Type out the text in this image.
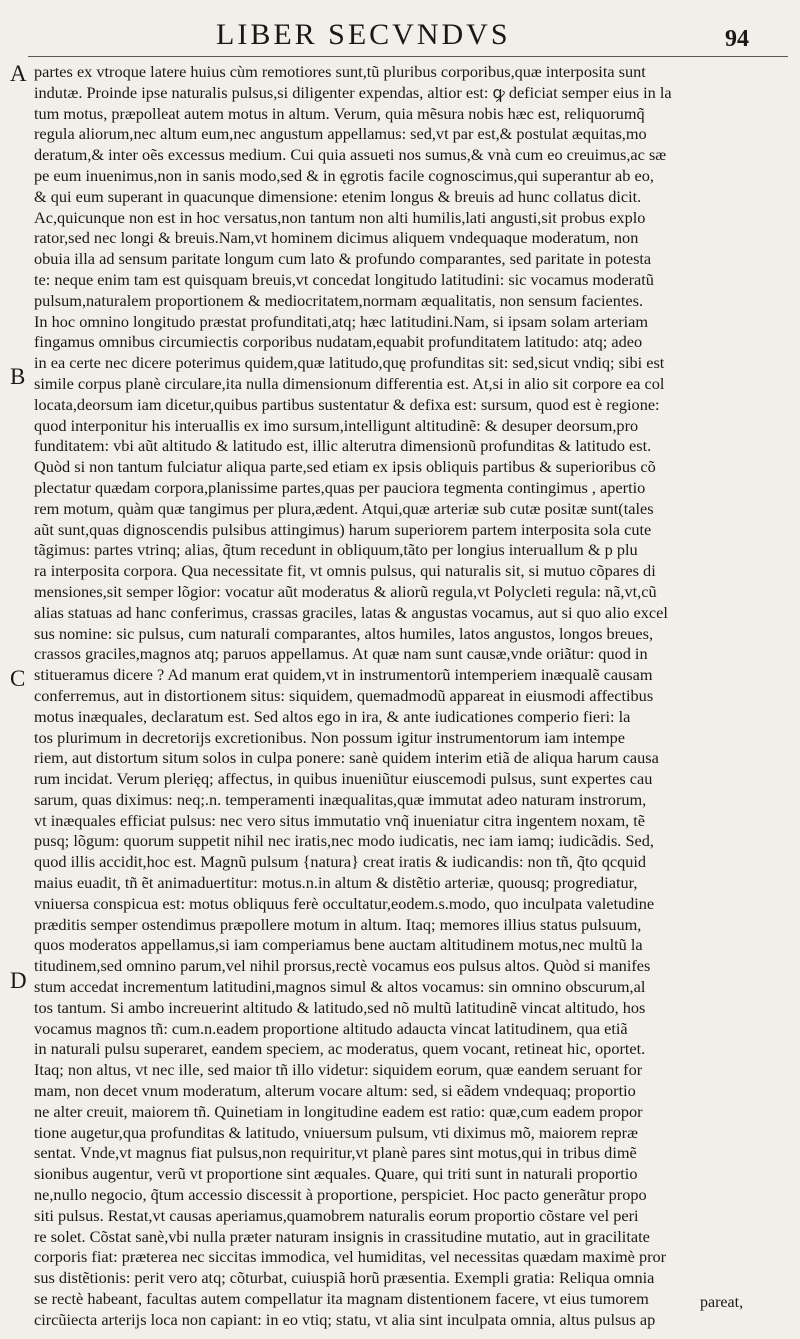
LIBER SECVNDVS	94
A
B
C
D
partes ex vtroque latere huius cùm remotiores sunt,tũ pluribus corporibus,quæ interposita sunt
indutæ. Proinde ipse naturalis pulsus,si diligenter expendas, altior est: ꝙ deficiat semper eius in la
tum motus, præpolleat autem motus in altum. Verum, quia mẽsura nobis hæc est, reliquorumq̃
regula aliorum,nec altum eum,nec angustum appellamus: sed,vt par est,& postulat æquitas,mo
deratum,& inter oẽs excessus medium. Cui quia assueti nos sumus,& vnà cum eo creuimus,ac sæ
pe eum inuenimus,non in sanis modo,sed & in ęgrotis facile cognoscimus,qui superantur ab eo,
& qui eum superant in quacunque dimensione: etenim longus & breuis ad hunc collatus dicit.
Ac,quicunque non est in hoc versatus,non tantum non alti humilis,lati angusti,sit probus explo
rator,sed nec longi & breuis.Nam,vt hominem dicimus aliquem vndequaque moderatum, non
obuia illa ad sensum paritate longum cum lato & profundo comparantes, sed paritate in potesta
te: neque enim tam est quisquam breuis,vt concedat longitudo latitudini: sic vocamus moderatũ
pulsum,naturalem proportionem & mediocritatem,normam æqualitatis, non sensum facientes.
In hoc omnino longitudo præstat profunditati,atq; hæc latitudini.Nam, si ipsam solam arteriam
fingamus omnibus circumiectis corporibus nudatam,equabit profunditatem latitudo: atq; adeo
in ea certe nec dicere poterimus quidem,quæ latitudo,quę profunditas sit: sed,sicut vndiq; sibi est
simile corpus planè circulare,ita nulla dimensionum differentia est. At,si in alio sit corpore ea col
locata,deorsum iam dicetur,quibus partibus sustentatur & defixa est: sursum, quod est è regione:
quod interponitur his interuallis ex imo sursum,intelligunt altitudinẽ: & desuper deorsum,pro
funditatem: vbi aũt altitudo & latitudo est, illic alterutra dimensionũ profunditas & latitudo est.
Quòd si non tantum fulciatur aliqua parte,sed etiam ex ipsis obliquis partibus & superioribus cõ
plectatur quædam corpora,planissime partes,quas per pauciora tegmenta contingimus , apertio
rem motum, quàm quæ tangimus per plura,ædent. Atqui,quæ arteriæ sub cutæ positæ sunt(tales
aũt sunt,quas dignoscendis pulsibus attingimus) harum superiorem partem interposita sola cute
tãgimus: partes vtrinq; alias, q̃tum recedunt in obliquum,tãto per longius interuallum & p plu
ra interposita corpora. Qua necessitate fit, vt omnis pulsus, qui naturalis sit, si mutuo cõpares di
mensiones,sit semper lõgior: vocatur aũt moderatus & aliorũ regula,vt Polycleti regula: nã,vt,cũ
alias statuas ad hanc conferimus, crassas graciles, latas & angustas vocamus, aut si quo alio excel
sus nomine: sic pulsus, cum naturali comparantes, altos humiles, latos angustos, longos breues,
crassos graciles,magnos atq; paruos appellamus. At quæ nam sunt causæ,vnde oriãtur: quod in
stitueramus dicere ? Ad manum erat quidem,vt in instrumentorũ intemperiem inæqualẽ causam
conferremus, aut in distortionem situs: siquidem, quemadmodũ appareat in eiusmodi affectibus
motus inæquales, declaratum est. Sed altos ego in ira, & ante iudicationes comperio fieri: la
tos plurimum in decretorijs excretionibus. Non possum igitur instrumentorum iam intempe
riem, aut distortum situm solos in culpa ponere: sanè quidem interim etiã de aliqua harum causa
rum incidat. Verum plerięq; affectus, in quibus inueniũtur eiuscemodi pulsus, sunt expertes cau
sarum, quas diximus: neq;.n. temperamenti inæqualitas,quæ immutat adeo naturam instrorum,
vt inæquales efficiat pulsus: nec vero situs immutatio vnq̃ inueniatur citra ingentem noxam, tẽ
pusq; lõgum: quorum suppetit nihil nec iratis,nec modo iudicatis, nec iam iamq; iudicãdis. Sed,
quod illis accidit,hoc est. Magnũ pulsum {natura} creat iratis & iudicandis: non tñ, q̃to qcquid
maius euadit, tñ ẽt animaduertitur: motus.n.in altum & distẽtio arteriæ, quousq; progrediatur,
vniuersa conspicua est: motus obliquus ferè occultatur,eodem.s.modo, quo inculpata valetudine
præditis semper ostendimus præpollere motum in altum. Itaq; memores illius status pulsuum,
quos moderatos appellamus,si iam comperiamus bene auctam altitudinem motus,nec multũ la
titudinem,sed omnino parum,vel nihil prorsus,rectè vocamus eos pulsus altos. Quòd si manifes
stum accedat incrementum latitudini,magnos simul & altos vocamus: sin omnino obscurum,al
tos tantum. Si ambo increuerint altitudo & latitudo,sed nõ multũ latitudinẽ vincat altitudo, hos
vocamus magnos tñ: cum.n.eadem proportione altitudo adaucta vincat latitudinem, qua etiã
in naturali pulsu superaret, eandem speciem, ac moderatus, quem vocant, retineat hic, oportet.
Itaq; non altus, vt nec ille, sed maior tñ illo videtur: siquidem eorum, quæ eandem seruant for
mam, non decet vnum moderatum, alterum vocare altum: sed, si eãdem vndequaq; proportio
ne alter creuit, maiorem tñ. Quinetiam in longitudine eadem est ratio: quæ,cum eadem propor
tione augetur,qua profunditas & latitudo, vniuersum pulsum, vti diximus mõ, maiorem repræ
sentat. Vnde,vt magnus fiat pulsus,non requiritur,vt planè pares sint motus,qui in tribus dimẽ
sionibus augentur, verũ vt proportione sint æquales. Quare, qui triti sunt in naturali proportio
ne,nullo negocio, q̃tum accessio discessit à proportione, perspiciet. Hoc pacto generãtur propo
siti pulsus. Restat,vt causas aperiamus,quamobrem naturalis eorum proportio cõstare vel peri
re solet. Cõstat sanè,vbi nulla præter naturam insignis in crassitudine mutatio, aut in gracilitate
corporis fiat: præterea nec siccitas immodica, vel humiditas, vel necessitas quædam maximè pror
sus distẽtionis: perit vero atq; cõturbat, cuiuspiã horũ præsentia. Exempli gratia: Reliqua omnia
se rectè habeant, facultas autem compellatur ita magnam distentionem facere, vt eius tumorem
circũiecta arterijs loca non capiant: in eo vtiq; statu, vt alia sint inculpata omnia, altus pulsus ap
pareat,
